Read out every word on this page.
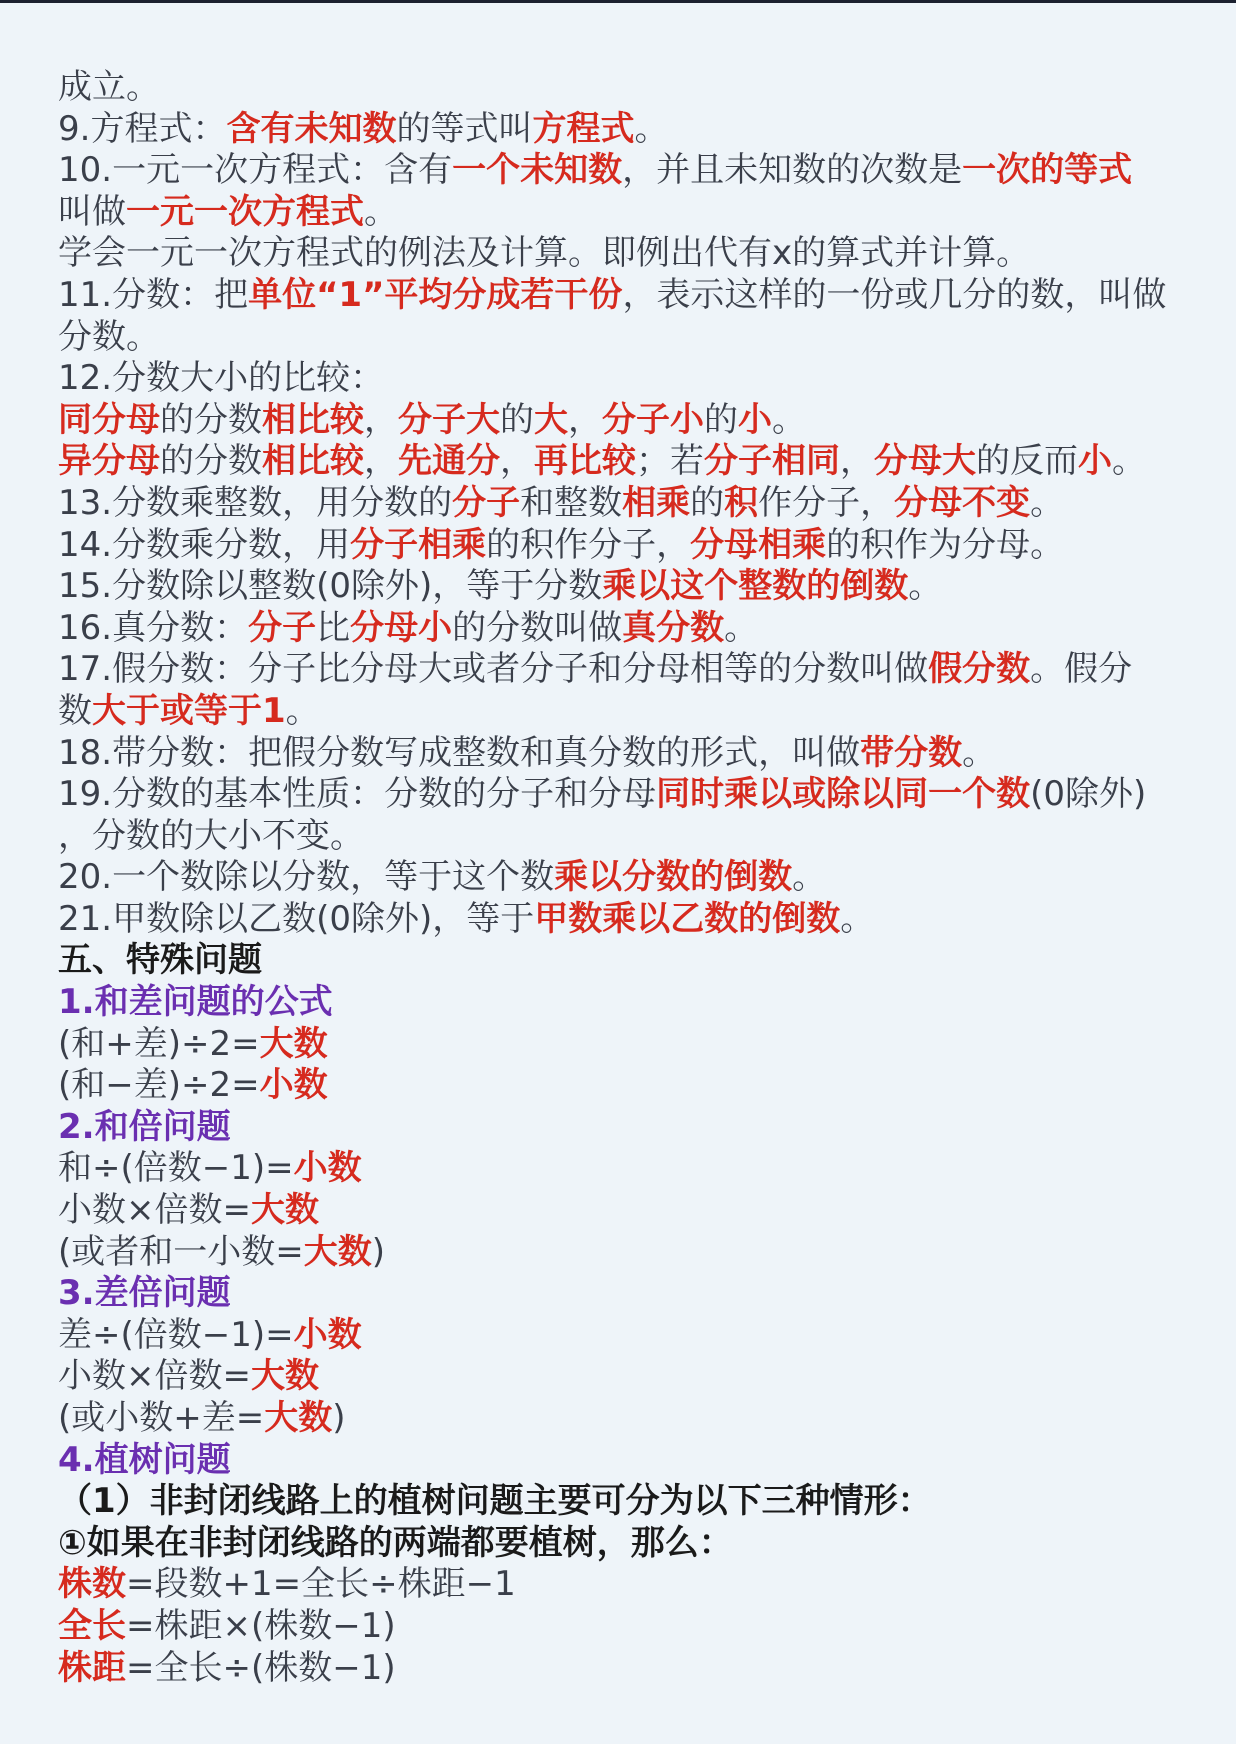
成立。
9.方程式：含有未知数的等式叫方程式。
10.一元一次方程式：含有一个未知数，并且未知数的次数是一次的等式
叫做一元一次方程式。
学会一元一次方程式的例法及计算。即例出代有x的算式并计算。
11.分数：把单位“1”平均分成若干份，表示这样的一份或几分的数，叫做
分数。
12.分数大小的比较：
同分母的分数相比较，分子大的大，分子小的小。
异分母的分数相比较，先通分，再比较；若分子相同，分母大的反而小。
13.分数乘整数，用分数的分子和整数相乘的积作分子，分母不变。
14.分数乘分数，用分子相乘的积作分子，分母相乘的积作为分母。
15.分数除以整数(0除外)，等于分数乘以这个整数的倒数。
16.真分数：分子比分母小的分数叫做真分数。
17.假分数：分子比分母大或者分子和分母相等的分数叫做假分数。假分
数大于或等于1。
18.带分数：把假分数写成整数和真分数的形式，叫做带分数。
19.分数的基本性质：分数的分子和分母同时乘以或除以同一个数(0除外)
，分数的大小不变。
20.一个数除以分数，等于这个数乘以分数的倒数。
21.甲数除以乙数(0除外)，等于甲数乘以乙数的倒数。
五、特殊问题
1.和差问题的公式
(和+差)÷2=大数
(和−差)÷2=小数
2.和倍问题
和÷(倍数−1)=小数
小数×倍数=大数
(或者和一小数=大数)
3.差倍问题
差÷(倍数−1)=小数
小数×倍数=大数
(或小数+差=大数)
4.植树问题
（1）非封闭线路上的植树问题主要可分为以下三种情形：
①如果在非封闭线路的两端都要植树，那么：
株数=段数+1=全长÷株距−1
全长=株距×(株数−1)
株距=全长÷(株数−1)
